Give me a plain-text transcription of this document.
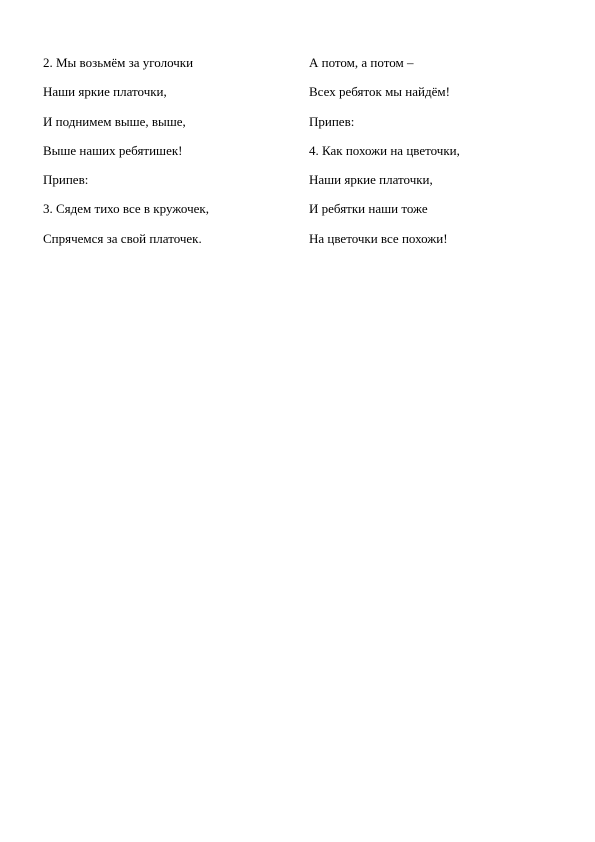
2. Мы возьмём за уголочки
Наши яркие платочки,
И поднимем выше, выше,
Выше наших ребятишек!
Припев:
3. Сядем тихо все в кружочек,
Спрячемся за свой платочек.
А потом, а потом –
Всех ребяток мы найдём!
Припев:
4. Как похожи на цветочки,
Наши яркие платочки,
И ребятки наши тоже
На цветочки все похожи!
